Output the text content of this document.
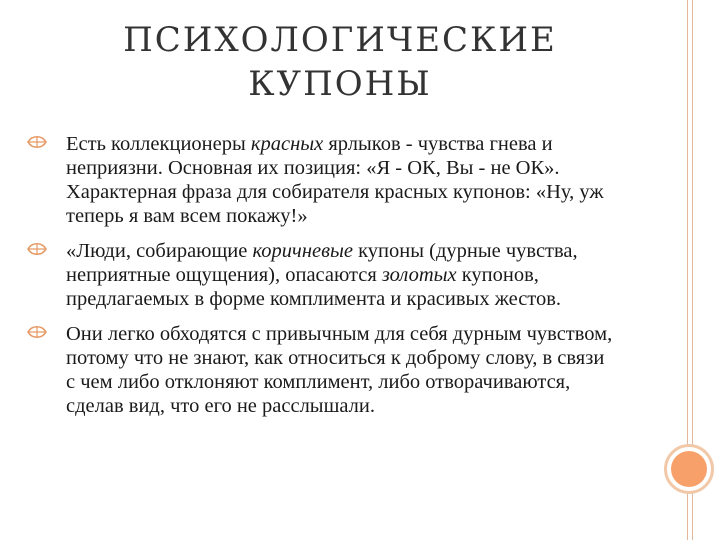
ПСИХОЛОГИЧЕСКИЕ
КУПОНЫ
Есть коллекционеры красных ярлыков - чувства гнева и неприязни. Основная их позиция: «Я - ОК, Вы - не ОК». Характерная фраза для собирателя красных купонов: «Ну, уж теперь я вам всем покажу!»
«Люди, собирающие коричневые купоны (дурные чувства, неприятные ощущения), опасаются золотых купонов, предлагаемых в форме комплимента и красивых жестов.
Они легко обходятся с привычным для себя дурным чувством, потому что не знают, как относиться к доброму слову, в связи с чем либо отклоняют комплимент, либо отворачиваются, сделав вид, что его не расслышали.
